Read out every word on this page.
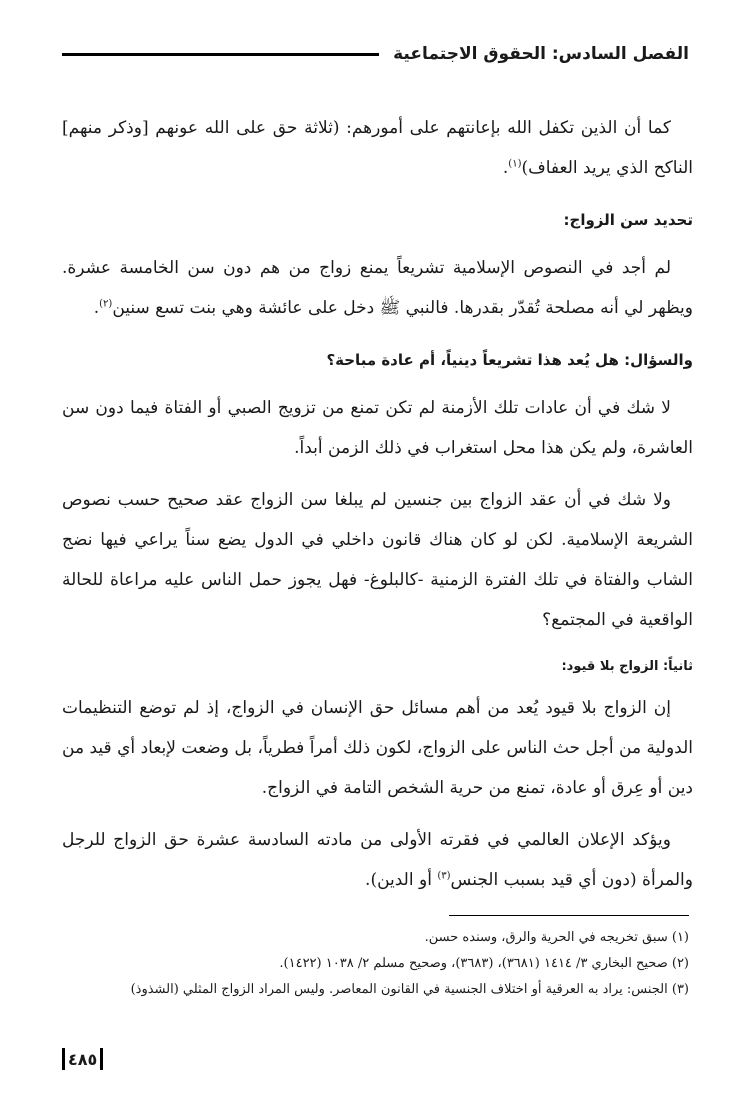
الفصل السادس: الحقوق الاجتماعية

كما أن الذين تكفل الله بإعانتهم على أمورهم: (ثلاثة حق على الله عونهم [وذكر منهم] الناكح الذي يريد العفاف)$^{(١)}$.

تحديد سن الزواج:

لم أجد في النصوص الإسلامية تشريعاً يمنع زواج من هم دون سن الخامسة عشرة. ويظهر لي أنه مصلحة تُقدّر بقدرها. فالنبي ﷺ دخل على عائشة وهي بنت تسع سنين$^{(٢)}$.

والسؤال: هل يُعد هذا تشريعاً دينياً، أم عادة مباحة؟

لا شك في أن عادات تلك الأزمنة لم تكن تمنع من تزويج الصبي أو الفتاة فيما دون سن العاشرة، ولم يكن هذا محل استغراب في ذلك الزمن أبداً.

ولا شك في أن عقد الزواج بين جنسين لم يبلغا سن الزواج عقد صحيح حسب نصوص الشريعة الإسلامية. لكن لو كان هناك قانون داخلي في الدول يضع سناً يراعي فيها نضج الشاب والفتاة في تلك الفترة الزمنية -كالبلوغ- فهل يجوز حمل الناس عليه مراعاة للحالة الواقعية في المجتمع؟

ثانياً: الزواج بلا قيود:

إن الزواج بلا قيود يُعد من أهم مسائل حق الإنسان في الزواج، إذ لم توضع التنظيمات الدولية من أجل حث الناس على الزواج، لكون ذلك أمراً فطرياً، بل وضعت لإبعاد أي قيد من دين أو عِرق أو عادة، تمنع من حرية الشخص التامة في الزواج.

ويؤكد الإعلان العالمي في فقرته الأولى من مادته السادسة عشرة حق الزواج للرجل والمرأة (دون أي قيد بسبب الجنس$^{(٣)}$ أو الدين).

(١) سبق تخريجه في الحرية والرق، وسنده حسن.
(٢) صحيح البخاري ٣/ ١٤١٤ (٣٦٨١)، (٣٦٨٣)، وصحيح مسلم ٢/ ١٠٣٨ (١٤٢٢).
(٣) الجنس: يراد به العرقية أو اختلاف الجنسية في القانون المعاصر. وليس المراد الزواج المثلي (الشذوذ)
٤٨٥
